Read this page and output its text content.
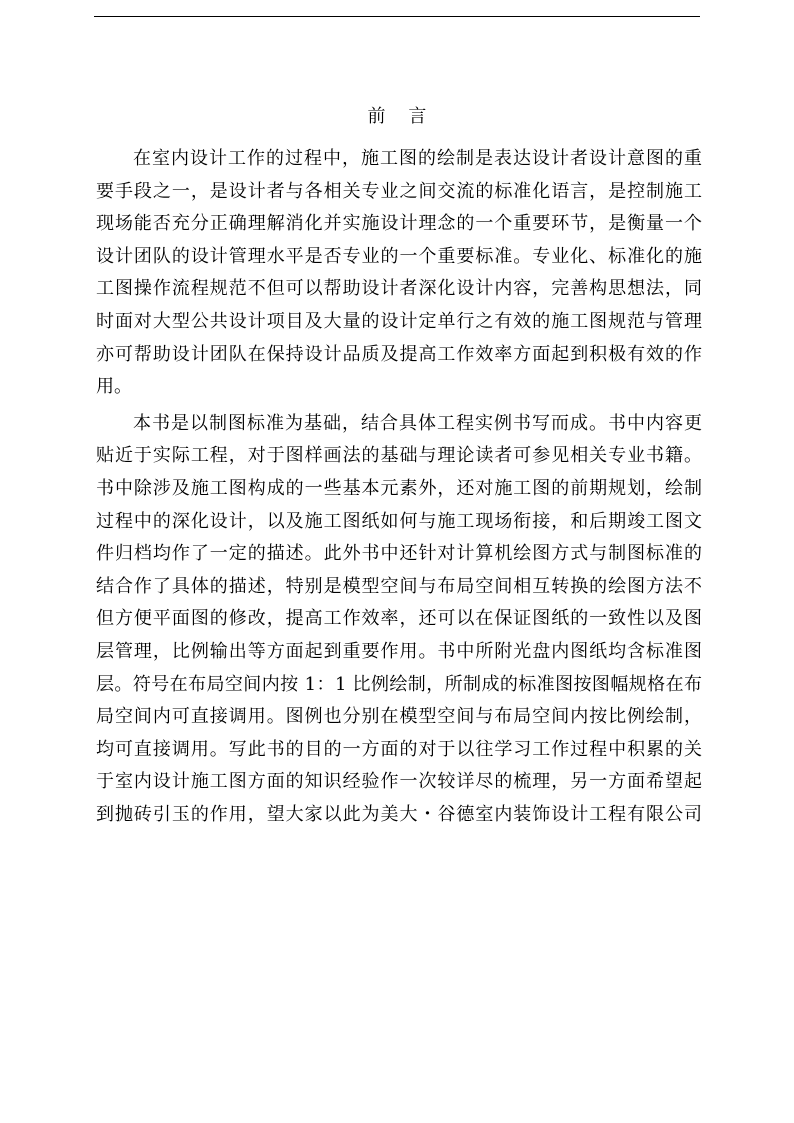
前    言
在室内设计工作的过程中，施工图的绘制是表达设计者设计意图的重
要手段之一，是设计者与各相关专业之间交流的标准化语言，是控制施工
现场能否充分正确理解消化并实施设计理念的一个重要环节，是衡量一个
设计团队的设计管理水平是否专业的一个重要标准。专业化、标准化的施
工图操作流程规范不但可以帮助设计者深化设计内容，完善构思想法，同
时面对大型公共设计项目及大量的设计定单行之有效的施工图规范与管理
亦可帮助设计团队在保持设计品质及提高工作效率方面起到积极有效的作
用。
本书是以制图标准为基础，结合具体工程实例书写而成。书中内容更
贴近于实际工程，对于图样画法的基础与理论读者可参见相关专业书籍。
书中除涉及施工图构成的一些基本元素外，还对施工图的前期规划，绘制
过程中的深化设计，以及施工图纸如何与施工现场衔接，和后期竣工图文
件归档均作了一定的描述。此外书中还针对计算机绘图方式与制图标准的
结合作了具体的描述，特别是模型空间与布局空间相互转换的绘图方法不
但方便平面图的修改，提高工作效率，还可以在保证图纸的一致性以及图
层管理，比例输出等方面起到重要作用。书中所附光盘内图纸均含标准图
层。符号在布局空间内按 1：1 比例绘制，所制成的标准图按图幅规格在布
局空间内可直接调用。图例也分别在模型空间与布局空间内按比例绘制，
均可直接调用。写此书的目的一方面的对于以往学习工作过程中积累的关
于室内设计施工图方面的知识经验作一次较详尽的梳理，另一方面希望起
到抛砖引玉的作用，望大家以此为美大・谷德室内装饰设计工程有限公司
